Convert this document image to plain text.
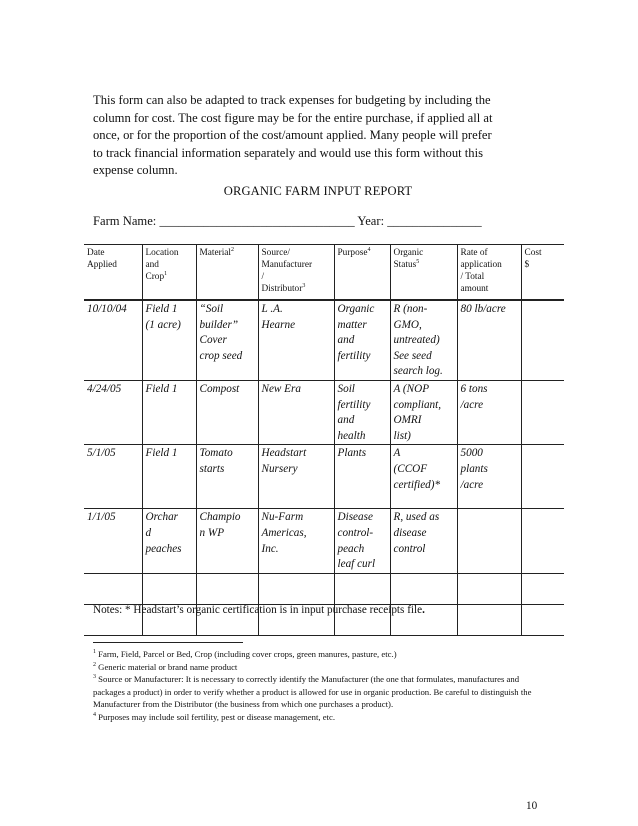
This form can also be adapted to track expenses for budgeting by including the
column for cost. The cost figure may be for the entire purchase, if applied all at
once, or for the proportion of the cost/amount applied. Many people will prefer
to track financial information separately and would use this form without this
expense column.

ORGANIC FARM INPUT REPORT
Farm Name: _______________________________ Year: _______________
Date
Applied	Location
and
Crop$^1$	Material$^2$	Source/
Manufacturer
/
Distributor$^3$	Purpose$^4$	Organic
Status$^5$	Rate of
application
/ Total
amount	Cost
$

10/10/04	Field 1
(1 acre)	“Soil
builder”
Cover
crop seed	L .A.
Hearne	Organic
matter
and
fertility	R (non-
GMO,
untreated)
See seed
search log.	80 lb/acre	

4/24/05	Field 1	Compost	New Era	Soil
fertility
and
health	A (NOP
compliant,
OMRI
list)	6 tons
/acre	

5/1/05	Field 1	Tomato
starts	Headstart
Nursery	Plants	A
(CCOF
certified)*	5000
plants
/acre	

1/1/05	Orchar
d
peaches	Champio
n WP	Nu-Farm
Americas,
Inc.	Disease
control-
peach
leaf curl	R, used as
disease
control		

Notes: * Headstart’s organic certification is in input purchase receipts file.
$^1$ Farm, Field, Parcel or Bed, Crop (including cover crops, green manures, pasture, etc.)
$^2$ Generic material or brand name product
$^3$ Source or Manufacturer: It is necessary to correctly identify the Manufacturer (the one that formulates, manufactures and packages a product) in order to verify whether a product is allowed for use in organic production. Be careful to distinguish the Manufacturer from the Distributor (the business from which one purchases a product).
$^4$ Purposes may include soil fertility, pest or disease management, etc.
10
